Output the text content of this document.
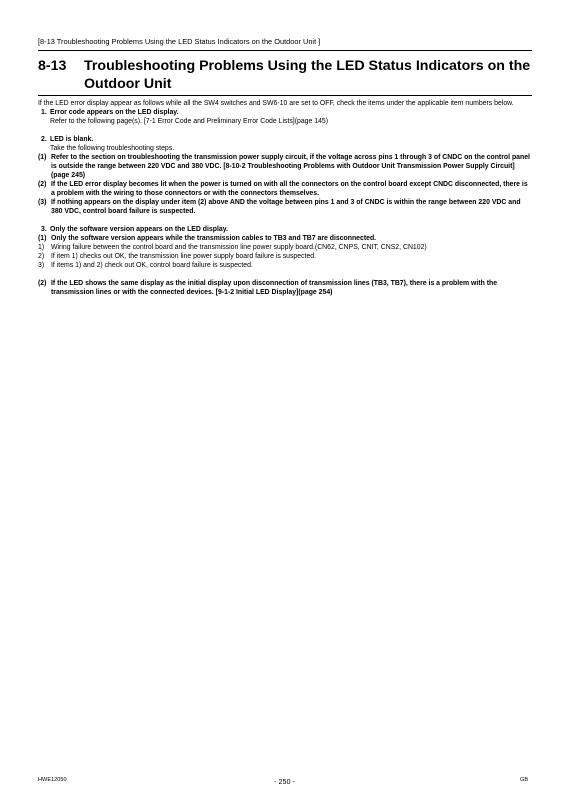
[8-13 Troubleshooting Problems Using the LED Status Indicators on the Outdoor Unit ]
8-13 Troubleshooting Problems Using the LED Status Indicators on the Outdoor Unit

If the LED error display appear as follows while all the SW4 switches and SW6-10 are set to OFF, check the items under the applicable item numbers below.

1. Error code appears on the LED display.

Refer to the following page(s). [7-1 Error Code and Preliminary Error Code Lists](page 145)

2. LED is blank.

Take the following troubleshooting steps.

(1) Refer to the section on troubleshooting the transmission power supply circuit, if the voltage across pins 1 through 3 of CNDC on the control panel is outside the range between 220 VDC and 380 VDC. [8-10-2 Troubleshooting Problems with Outdoor Unit Transmission Power Supply Circuit](page 245)

(2) If the LED error display becomes lit when the power is turned on with all the connectors on the control board except CNDC disconnected, there is a problem with the wiring to those connectors or with the connectors themselves.

(3) If nothing appears on the display under item (2) above AND the voltage between pins 1 and 3 of CNDC is within the range between 220 VDC and 380 VDC, control board failure is suspected.

3. Only the software version appears on the LED display.

(1) Only the software version appears while the transmission cables to TB3 and TB7 are disconnected.

1) Wiring failure between the control board and the transmission line power supply board.(CN62, CNPS, CNIT, CNS2, CN102)

2) If item 1) checks out OK, the transmission line power supply board failure is suspected.

3) If items 1) and 2) check out OK, control board failure is suspected.

(2) If the LED shows the same display as the initial display upon disconnection of transmission lines (TB3, TB7), there is a problem with the transmission lines or with the connected devices. [9-1-2 Initial LED Display](page 254)

HWE12050	- 250 -	GB
